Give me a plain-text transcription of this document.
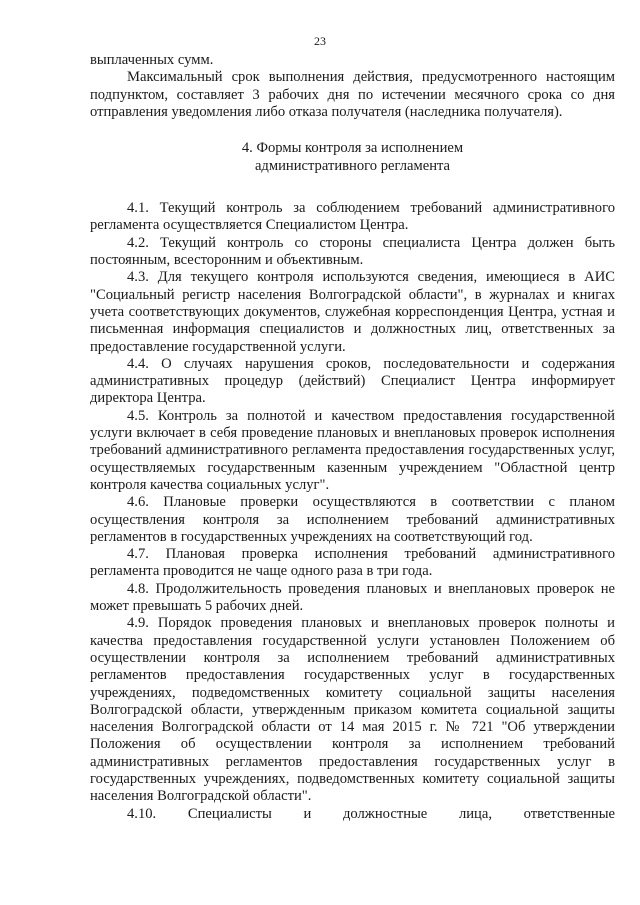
23

выплаченных сумм.

Максимальный срок выполнения действия, предусмотренного настоящим подпунктом, составляет 3 рабочих дня по истечении месячного срока со дня отправления уведомления либо отказа получателя (наследника получателя).

4. Формы контроля за исполнением
административного регламента

4.1. Текущий контроль за соблюдением требований административного регламента осуществляется Специалистом Центра.

4.2. Текущий контроль со стороны специалиста Центра должен быть постоянным, всесторонним и объективным.

4.3. Для текущего контроля используются сведения, имеющиеся в АИС "Социальный регистр населения Волгоградской области", в журналах и книгах учета соответствующих документов, служебная корреспонденция Центра, устная и письменная информация специалистов и должностных лиц, ответственных за предоставление государственной услуги.

4.4. О случаях нарушения сроков, последовательности и содержания административных процедур (действий) Специалист Центра информирует директора Центра.

4.5. Контроль за полнотой и качеством предоставления государственной услуги включает в себя проведение плановых и внеплановых проверок исполнения требований административного регламента предоставления государственных услуг, осуществляемых государственным казенным учреждением "Областной центр контроля качества социальных услуг".

4.6. Плановые проверки осуществляются в соответствии с планом осуществления контроля за исполнением требований административных регламентов в государственных учреждениях на соответствующий год.

4.7. Плановая проверка исполнения требований административного регламента проводится не чаще одного раза в три года.

4.8. Продолжительность проведения плановых и внеплановых проверок не может превышать 5 рабочих дней.

4.9. Порядок проведения плановых и внеплановых проверок полноты и качества предоставления государственной услуги установлен Положением об осуществлении контроля за исполнением требований административных регламентов предоставления государственных услуг в государственных учреждениях, подведомственных комитету социальной защиты населения Волгоградской области, утвержденным приказом комитета социальной защиты населения Волгоградской области от 14 мая 2015 г. № 721 "Об утверждении Положения об осуществлении контроля за исполнением требований административных регламентов предоставления государственных услуг в государственных учреждениях, подведомственных комитету социальной защиты населения Волгоградской области".

4.10. Специалисты и должностные лица, ответственные
